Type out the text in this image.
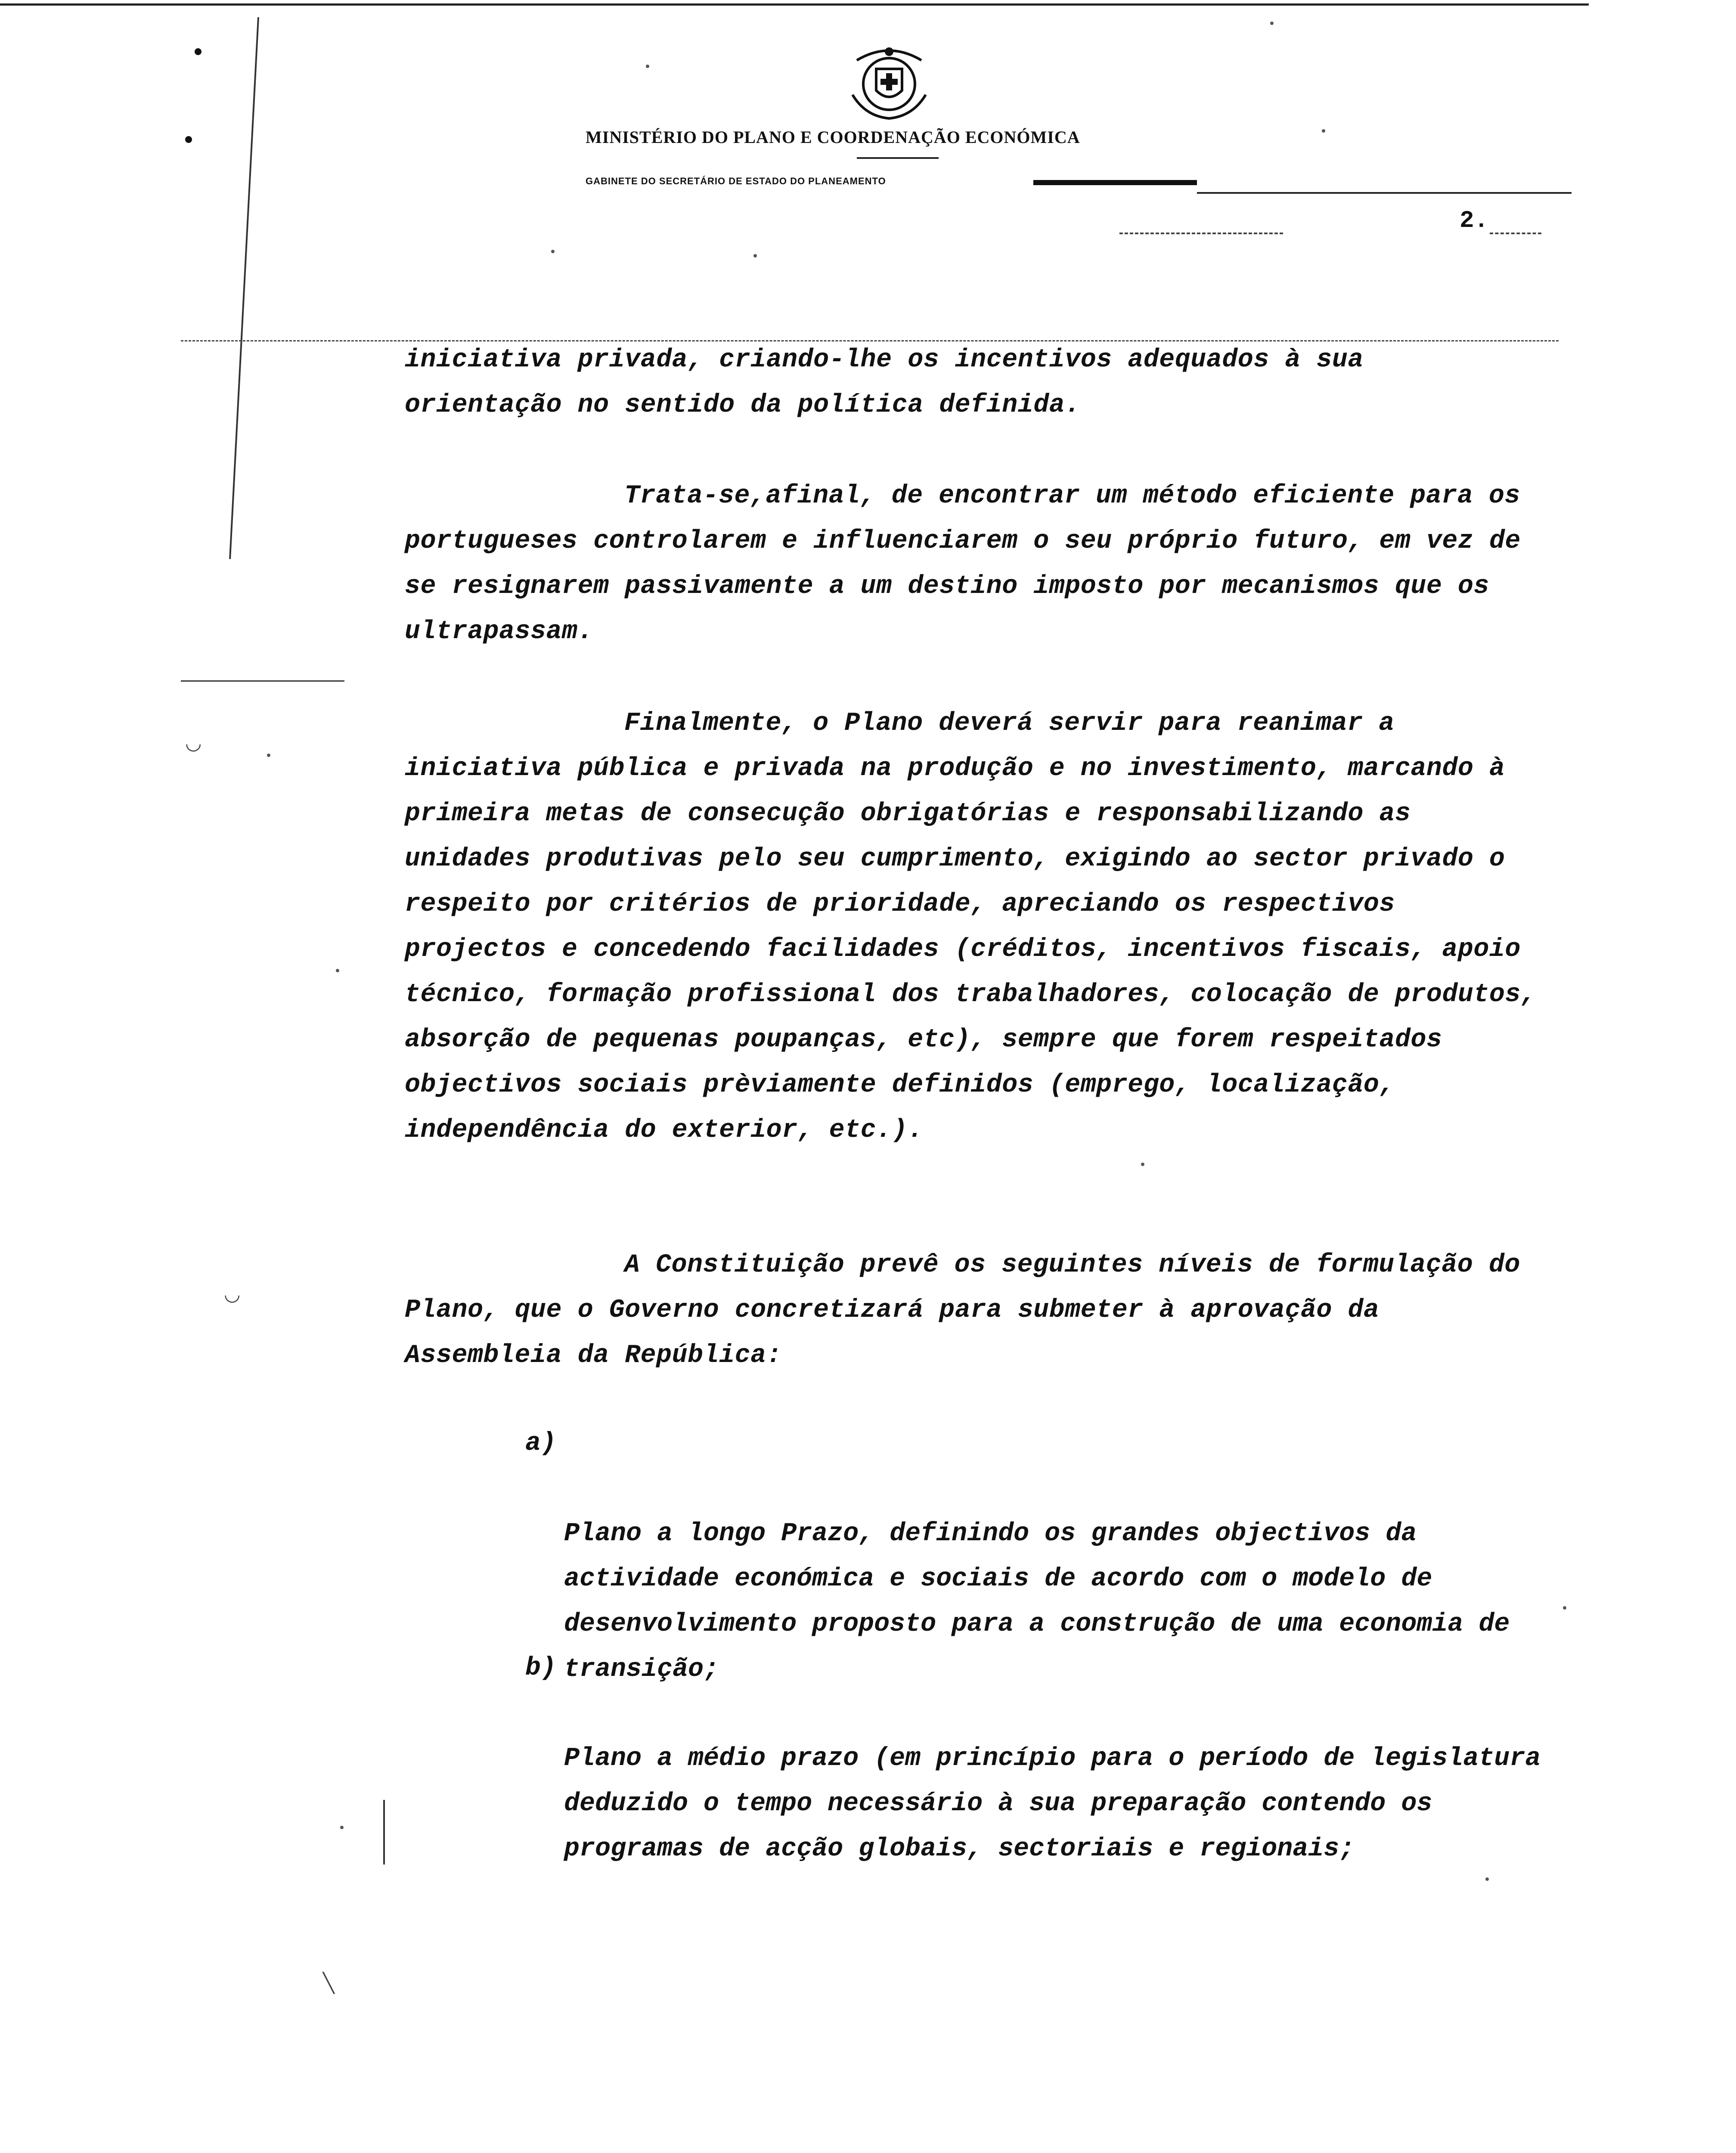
◡
◡
╲
MINISTÉRIO DO PLANO E COORDENAÇÃO ECONÓMICA
GABINETE DO SECRETÁRIO DE ESTADO DO PLANEAMENTO
2.
iniciativa privada, criando-lhe os incentivos adequados à sua
orientação no sentido da política definida.
Trata-se,afinal, de encontrar um método eficiente para os portugueses controlarem e influenciarem o seu próprio futuro, em vez de se resignarem passivamente a um destino imposto por mecanismos que os ultrapassam.
Finalmente, o Plano deverá servir para reanimar a iniciativa pública e privada na produção e no investimento, marcando à primeira metas de consecução obrigatórias e responsabilizando as unidades produtivas pelo seu cumprimento, exigindo ao sector privado o respeito por critérios de prioridade, apreciando os respectivos projectos e concedendo facilidades (créditos, incentivos fiscais, apoio técnico, formação profissional dos trabalhadores, colocação de produtos, absorção de pequenas poupanças, etc), sempre que forem respeitados objectivos sociais prèviamente definidos (emprego, localização, independência do exterior, etc.).
A Constituição prevê os seguintes níveis de formulação do Plano, que o Governo concretizará para submeter à aprovação da Assembleia da República:

a)

Plano a longo Prazo, definindo os grandes objectivos da actividade económica e sociais de acordo com o modelo de desenvolvimento proposto para a construção de uma economia de transição;

b)

Plano a médio prazo (em princípio para o período de legislatura deduzido o tempo necessário à sua preparação contendo os programas de acção globais, sectoriais e regionais;
